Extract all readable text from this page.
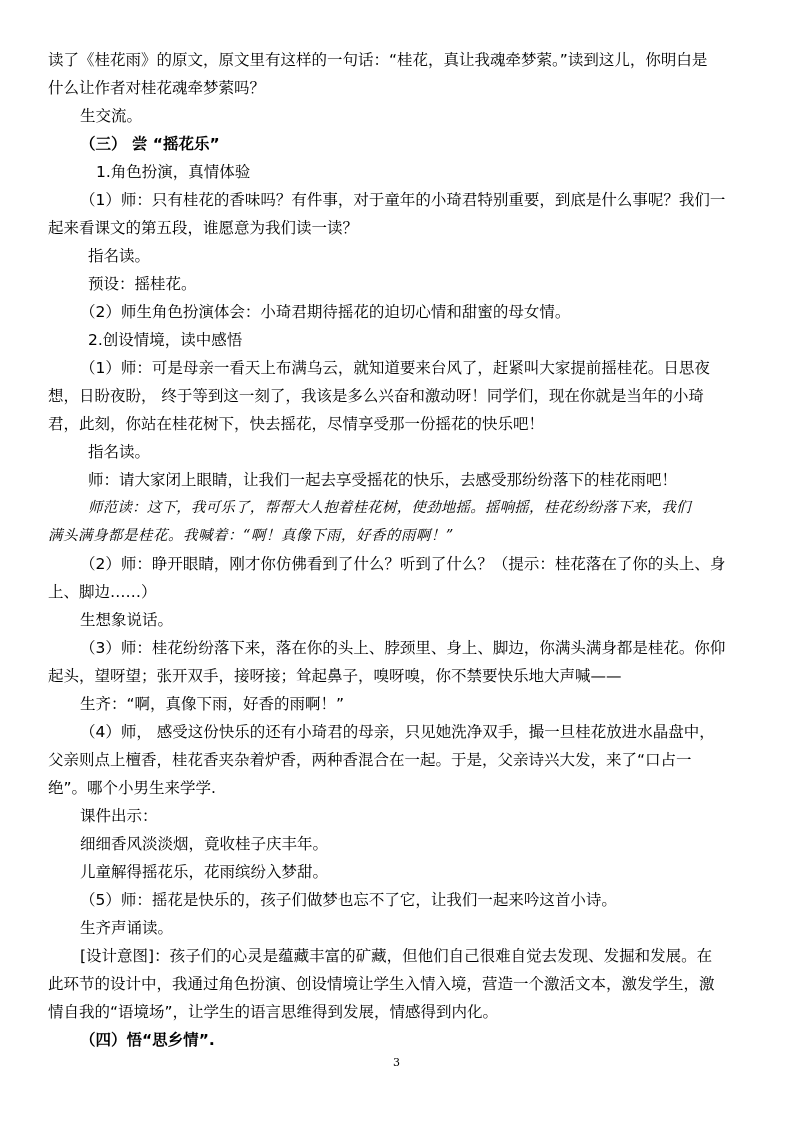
读了《桂花雨》的原文，原文里有这样的一句话：“桂花，真让我魂牵梦萦。”读到这儿，你明白是

什么让作者对桂花魂牵梦萦吗？

生交流。

（三） 尝 “摇花乐”

1.角色扮演，真情体验

（1）师：只有桂花的香味吗？有件事，对于童年的小琦君特别重要，到底是什么事呢？我们一

起来看课文的第五段，谁愿意为我们读一读？

指名读。

预设：摇桂花。

（2）师生角色扮演体会：小琦君期待摇花的迫切心情和甜蜜的母女情。

2.创设情境，读中感悟

（1）师：可是母亲一看天上布满乌云，就知道要来台风了，赶紧叫大家提前摇桂花。日思夜

想，日盼夜盼， 终于等到这一刻了，我该是多么兴奋和激动呀！同学们，现在你就是当年的小琦

君，此刻，你站在桂花树下，快去摇花，尽情享受那一份摇花的快乐吧！

指名读。

师：请大家闭上眼睛，让我们一起去享受摇花的快乐，去感受那纷纷落下的桂花雨吧！

师范读：这下，我可乐了，帮帮大人抱着桂花树，使劲地摇。摇响摇，桂花纷纷落下来，我们

满头满身都是桂花。我喊着：“啊！真像下雨，好香的雨啊！”

（2）师：睁开眼睛，刚才你仿佛看到了什么？听到了什么？（提示：桂花落在了你的头上、身

上、脚边……）

生想象说话。

（3）师：桂花纷纷落下来，落在你的头上、脖颈里、身上、脚边，你满头满身都是桂花。你仰

起头，望呀望；张开双手，接呀接；耸起鼻子，嗅呀嗅，你不禁要快乐地大声喊——

生齐：“啊，真像下雨，好香的雨啊！”

（4）师， 感受这份快乐的还有小琦君的母亲，只见她洗净双手，撮一旦桂花放进水晶盘中，

父亲则点上檀香，桂花香夹杂着炉香，两种香混合在一起。于是，父亲诗兴大发，来了“口占一

绝”。哪个小男生来学学.

课件出示：

细细香风淡淡烟，竟收桂子庆丰年。

儿童解得摇花乐，花雨缤纷入梦甜。

（5）师：摇花是快乐的，孩子们做梦也忘不了它，让我们一起来吟这首小诗。

生齐声诵读。

[设计意图]：孩子们的心灵是蕴藏丰富的矿藏，但他们自己很难自觉去发现、发掘和发展。在

此环节的设计中，我通过角色扮演、创设情境让学生入情入境，营造一个激活文本，激发学生，激

情自我的“语境场”，让学生的语言思维得到发展，情感得到内化。

（四）悟“思乡情”.

3
